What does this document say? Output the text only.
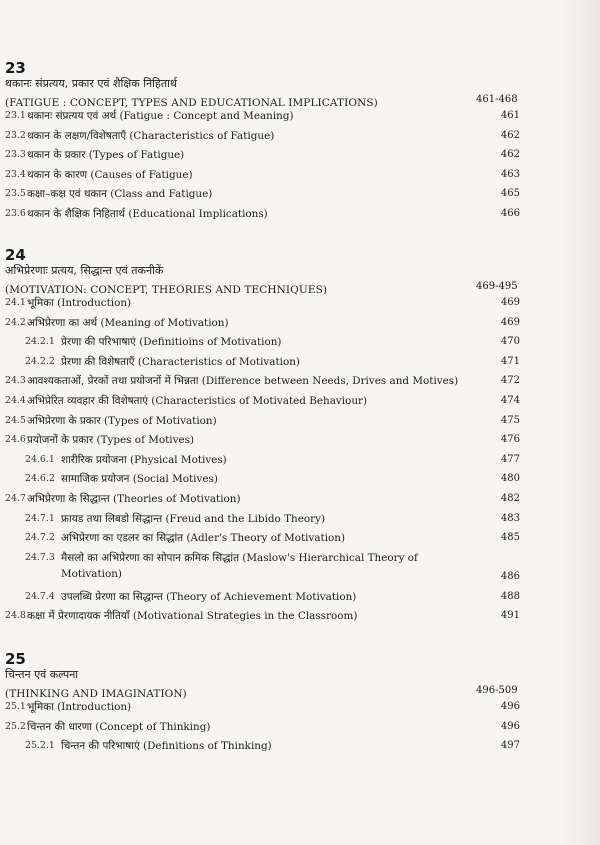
23
थकानः संप्रत्यय, प्रकार एवं शैक्षिक निहितार्थ
(FATIGUE : CONCEPT, TYPES AND EDUCATIONAL IMPLICATIONS)	461-468
23.1 थकानः संप्रत्यय एवं अर्थ (Fatigue : Concept and Meaning)	461
23.2 थकान के लक्षण/विशेषताएँ (Characteristics of Fatigue)	462
23.3 थकान के प्रकार (Types of Fatigue)	462
23.4 थकान के कारण (Causes of Fatigue)	463
23.5 कक्षा–कक्ष एवं थकान (Class and Fatigue)	465
23.6 थकान के शैक्षिक निहितार्थ (Educational Implications)	466
24
अभिप्रेरणाः प्रत्यय, सिद्धान्त एवं तकनीकें
(MOTIVATION: CONCEPT, THEORIES AND TECHNIQUES)	469-495
24.1 भूमिका (Introduction)	469
24.2 अभिप्रेरणा का अर्थ (Meaning of Motivation)	469
24.2.1 प्रेरणा की परिभाषाएं (Definitioins of Motivation)	470
24.2.2 प्रेरणा की विशेषताएँ (Characteristics of Motivation)	471
24.3 आवश्यकताओं, प्रेरकों तथा प्रयोजनों में भिन्नता (Difference between Needs, Drives and Motives)	472
24.4 अभिप्रेरित व्यवहार की विशेषताएं (Characteristics of Motivated Behaviour)	474
24.5 अभिप्रेरणा के प्रकार (Types of Motivation)	475
24.6 प्रयोजनों के प्रकार (Types of Motives)	476
24.6.1 शारीरिक प्रयोजना (Physical Motives)	477
24.6.2 सामाजिक प्रयोजन (Social Motives)	480
24.7 अभिप्रेरणा के सिद्धान्त (Theories of Motivation)	482
24.7.1 फ्रायड तथा लिबडो सिद्धान्त (Freud and the Libido Theory)	483
24.7.2 अभिप्रेरणा का एडलर का सिद्धांत (Adler's Theory of Motivation)	485
24.7.3 मैसलो का अभिप्रेरणा का सोपान क्रमिक सिद्धांत (Maslow's Hierarchical Theory of Motivation)	486
24.7.4 उपलब्धि प्रेरणा का सिद्धान्त (Theory of Achievement Motivation)	488
24.8 कक्षा में प्रेरणादायक नीतियाँ (Motivational Strategies in the Classroom)	491
25
चिन्तन एवं कल्पना
(THINKING AND IMAGINATION)	496-509
25.1 भूमिका (Introduction)	496
25.2 चिन्तन की धारणा (Concept of Thinking)	496
25.2.1 चिन्तन की परिभाषाएं (Definitions of Thinking)	497
